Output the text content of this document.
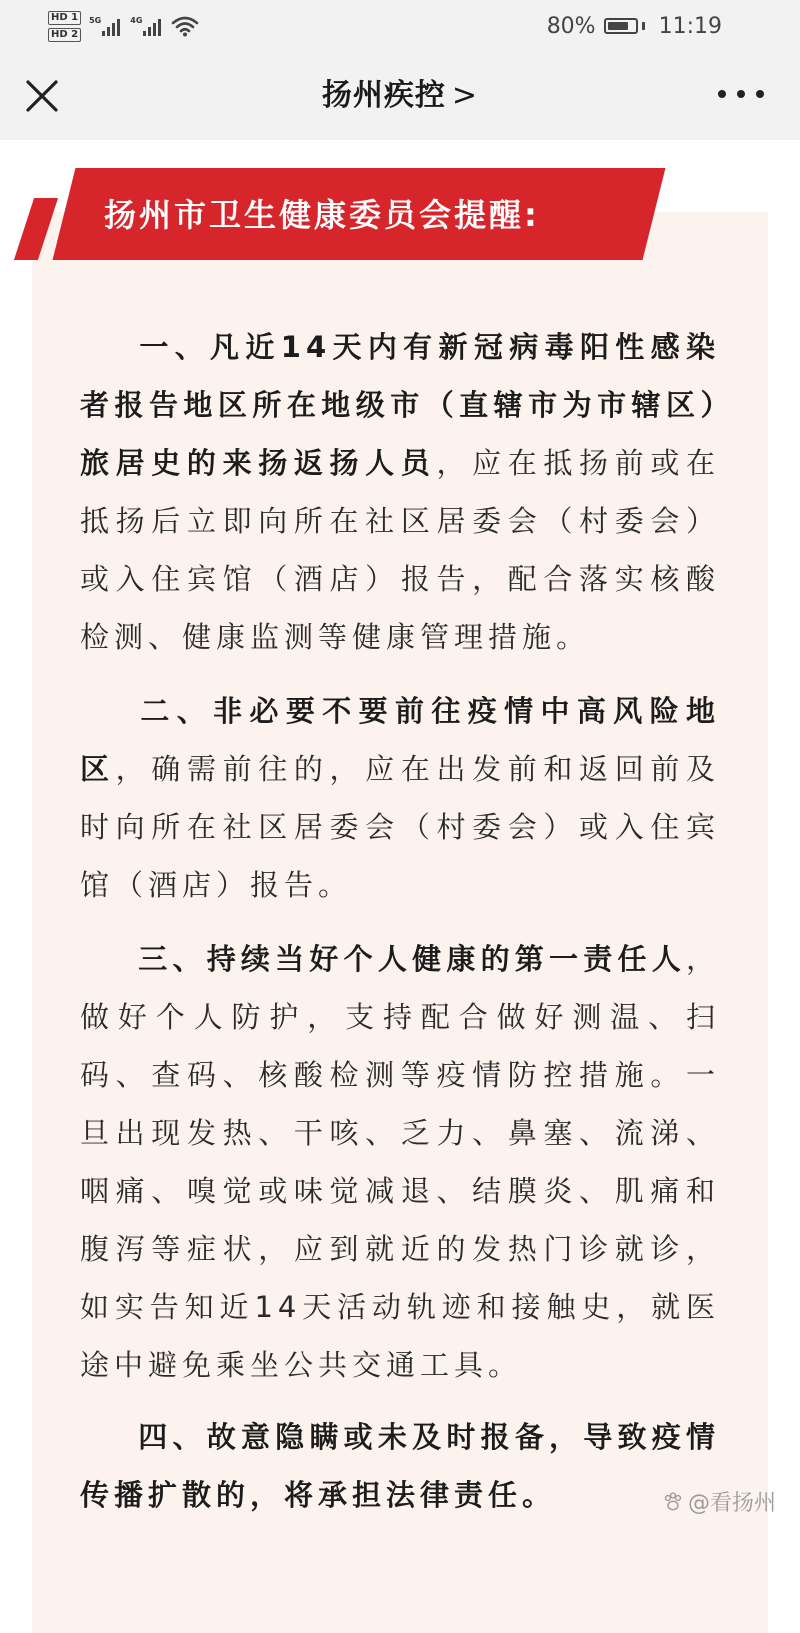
HD 1
HD 2
5G	4G	80%	11:19
扬州疾控 >
扬州市卫生健康委员会提醒:

一、凡近14天内有新冠病毒阳性感染者报告地区所在地级市（直辖市为市辖区）旅居史的来扬返扬人员，应在抵扬前或在抵扬后立即向所在社区居委会（村委会）或入住宾馆（酒店）报告，配合落实核酸检测、健康监测等健康管理措施。

二、非必要不要前往疫情中高风险地区，确需前往的，应在出发前和返回前及时向所在社区居委会（村委会）或入住宾馆（酒店）报告。

三、持续当好个人健康的第一责任人，做好个人防护，支持配合做好测温、扫码、查码、核酸检测等疫情防控措施。一旦出现发热、干咳、乏力、鼻塞、流涕、咽痛、嗅觉或味觉减退、结膜炎、肌痛和腹泻等症状，应到就近的发热门诊就诊，如实告知近14天活动轨迹和接触史，就医途中避免乘坐公共交通工具。

四、故意隐瞒或未及时报备，导致疫情传播扩散的，将承担法律责任。	@看扬州
